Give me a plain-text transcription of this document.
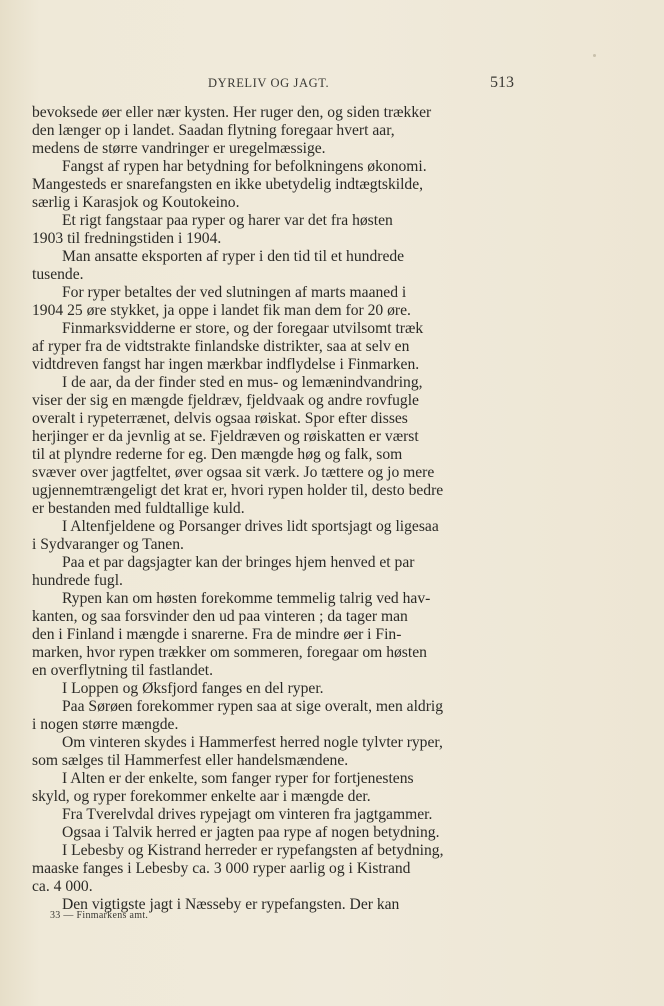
DYRELIV OG JAGT.	513
bevoksede øer eller nær kysten. Her ruger den, og siden trækker
den længer op i landet. Saadan flytning foregaar hvert aar,
medens de større vandringer er uregelmæssige.
Fangst af rypen har betydning for befolkningens økonomi.
Mangesteds er snarefangsten en ikke ubetydelig indtægtskilde,
særlig i Karasjok og Koutokeino.
Et rigt fangstaar paa ryper og harer var det fra høsten
1903 til fredningstiden i 1904.
Man ansatte eksporten af ryper i den tid til et hundrede
tusende.
For ryper betaltes der ved slutningen af marts maaned i
1904 25 øre stykket, ja oppe i landet fik man dem for 20 øre.
Finmarksvidderne er store, og der foregaar utvilsomt træk
af ryper fra de vidtstrakte finlandske distrikter, saa at selv en
vidtdreven fangst har ingen mærkbar indflydelse i Finmarken.
I de aar, da der finder sted en mus- og lemænindvandring,
viser der sig en mængde fjeldræv, fjeldvaak og andre rovfugle
overalt i rypeterrænet, delvis ogsaa røiskat. Spor efter disses
herjinger er da jevnlig at se. Fjeldræven og røiskatten er værst
til at plyndre rederne for eg. Den mængde høg og falk, som
svæver over jagtfeltet, øver ogsaa sit værk. Jo tættere og jo mere
ugjennemtrængeligt det krat er, hvori rypen holder til, desto bedre
er bestanden med fuldtallige kuld.
I Altenfjeldene og Porsanger drives lidt sportsjagt og ligesaa
i Sydvaranger og Tanen.
Paa et par dagsjagter kan der bringes hjem henved et par
hundrede fugl.
Rypen kan om høsten forekomme temmelig talrig ved hav-
kanten, og saa forsvinder den ud paa vinteren ; da tager man
den i Finland i mængde i snarerne. Fra de mindre øer i Fin-
marken, hvor rypen trækker om sommeren, foregaar om høsten
en overflytning til fastlandet.
I Loppen og Øksfjord fanges en del ryper.
Paa Sørøen forekommer rypen saa at sige overalt, men aldrig
i nogen større mængde.
Om vinteren skydes i Hammerfest herred nogle tylvter ryper,
som sælges til Hammerfest eller handelsmændene.
I Alten er der enkelte, som fanger ryper for fortjenestens
skyld, og ryper forekommer enkelte aar i mængde der.
Fra Tverelvdal drives rypejagt om vinteren fra jagtgammer.
Ogsaa i Talvik herred er jagten paa rype af nogen betydning.
I Lebesby og Kistrand herreder er rypefangsten af betydning,
maaske fanges i Lebesby ca. 3 000 ryper aarlig og i Kistrand
ca. 4 000.
Den vigtigste jagt i Næsseby er rypefangsten. Der kan
33 — Finmarkens amt.
